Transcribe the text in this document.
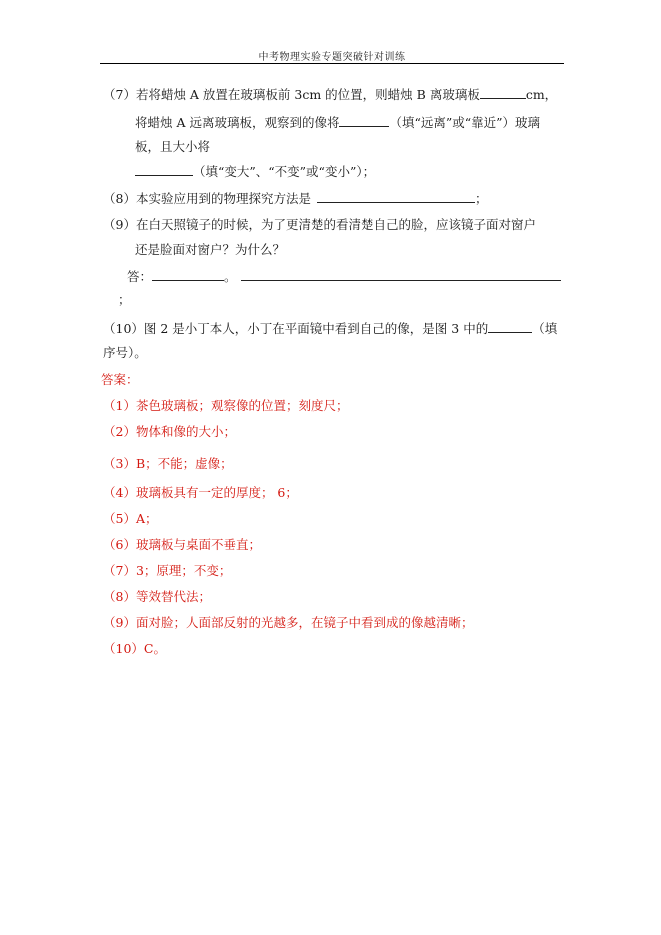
中考物理实验专题突破针对训练
（7）若将蜡烛 A 放置在玻璃板前 3cm 的位置，则蜡烛 B 离玻璃板	cm，
将蜡烛 A 远离玻璃板，观察到的像将	（填“远离”或“靠近”）玻璃
板，且大小将
（填“变大”、“不变”或“变小”）；
（8）本实验应用到的物理探究方法是	；
（9）在白天照镜子的时候，为了更清楚的看清楚自己的脸，应该镜子面对窗户
还是脸面对窗户？为什么？
答：	。
；
（10）图 2 是小丁本人，小丁在平面镜中看到自己的像，是图 3 中的	（填
序号）。
答案：
（1）茶色玻璃板；观察像的位置；刻度尺；
（2）物体和像的大小；
（3）B；不能；虚像；
（4）玻璃板具有一定的厚度； 6；
（5）A；
（6）玻璃板与桌面不垂直；
（7）3；原理；不变；
（8）等效替代法；
（9）面对脸；人面部反射的光越多，在镜子中看到成的像越清晰；
（10）C。
